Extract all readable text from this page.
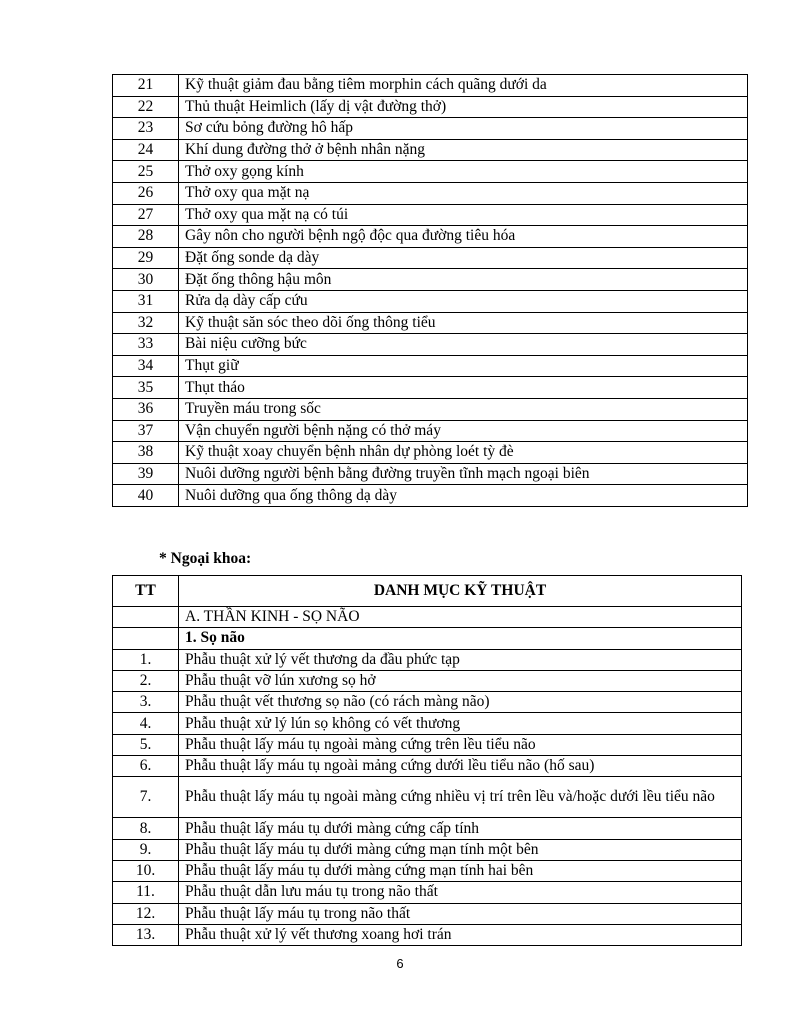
21	Kỹ thuật giảm đau bằng tiêm morphin cách quãng dưới da
22	Thủ thuật Heimlich (lấy dị vật đường thở)
23	Sơ cứu bỏng đường hô hấp
24	Khí dung đường thở ở bệnh nhân nặng
25	Thở oxy gọng kính
26	Thở oxy qua mặt nạ
27	Thở oxy qua mặt nạ có túi
28	Gây nôn cho người bệnh ngộ độc qua đường tiêu hóa
29	Đặt ống sonde dạ dày
30	Đặt ống thông hậu môn
31	Rửa dạ dày cấp cứu
32	Kỹ thuật săn sóc theo dõi ống thông tiểu
33	Bài niệu cưỡng bức
34	Thụt giữ
35	Thụt tháo
36	Truyền máu trong sốc
37	Vận chuyển người bệnh nặng có thở máy
38	Kỹ thuật xoay chuyển bệnh nhân dự phòng loét tỳ đè
39	Nuôi dưỡng người bệnh bằng đường truyền tĩnh mạch ngoại biên
40	Nuôi dưỡng qua ống thông dạ dày
* Ngoại khoa:
TT	DANH MỤC KỸ THUẬT
	A. THẦN KINH - SỌ NÃO
	1. Sọ não
1.	Phẫu thuật xử lý vết thương da đầu phức tạp
2.	Phẫu thuật vỡ lún xương sọ hở
3.	Phẫu thuật vết thương sọ não (có rách màng não)
4.	Phẫu thuật xử lý lún sọ không có vết thương
5.	Phẫu thuật lấy máu tụ ngoài màng cứng trên lều tiểu não
6.	Phẫu thuật lấy máu tụ ngoài mảng cứng dưới lều tiểu não (hố sau)
7.	Phẫu thuật lấy máu tụ ngoài màng cứng nhiều vị trí trên lều và/hoặc dưới lều tiểu não
8.	Phẫu thuật lấy máu tụ dưới màng cứng cấp tính
9.	Phẫu thuật lấy máu tụ dưới màng cứng mạn tính một bên
10.	Phẫu thuật lấy máu tụ dưới màng cứng mạn tính hai bên
11.	Phẫu thuật dẫn lưu máu tụ trong não thất
12.	Phẫu thuật lấy máu tụ trong não thất
13.	Phẫu thuật xử lý vết thương xoang hơi trán
6
